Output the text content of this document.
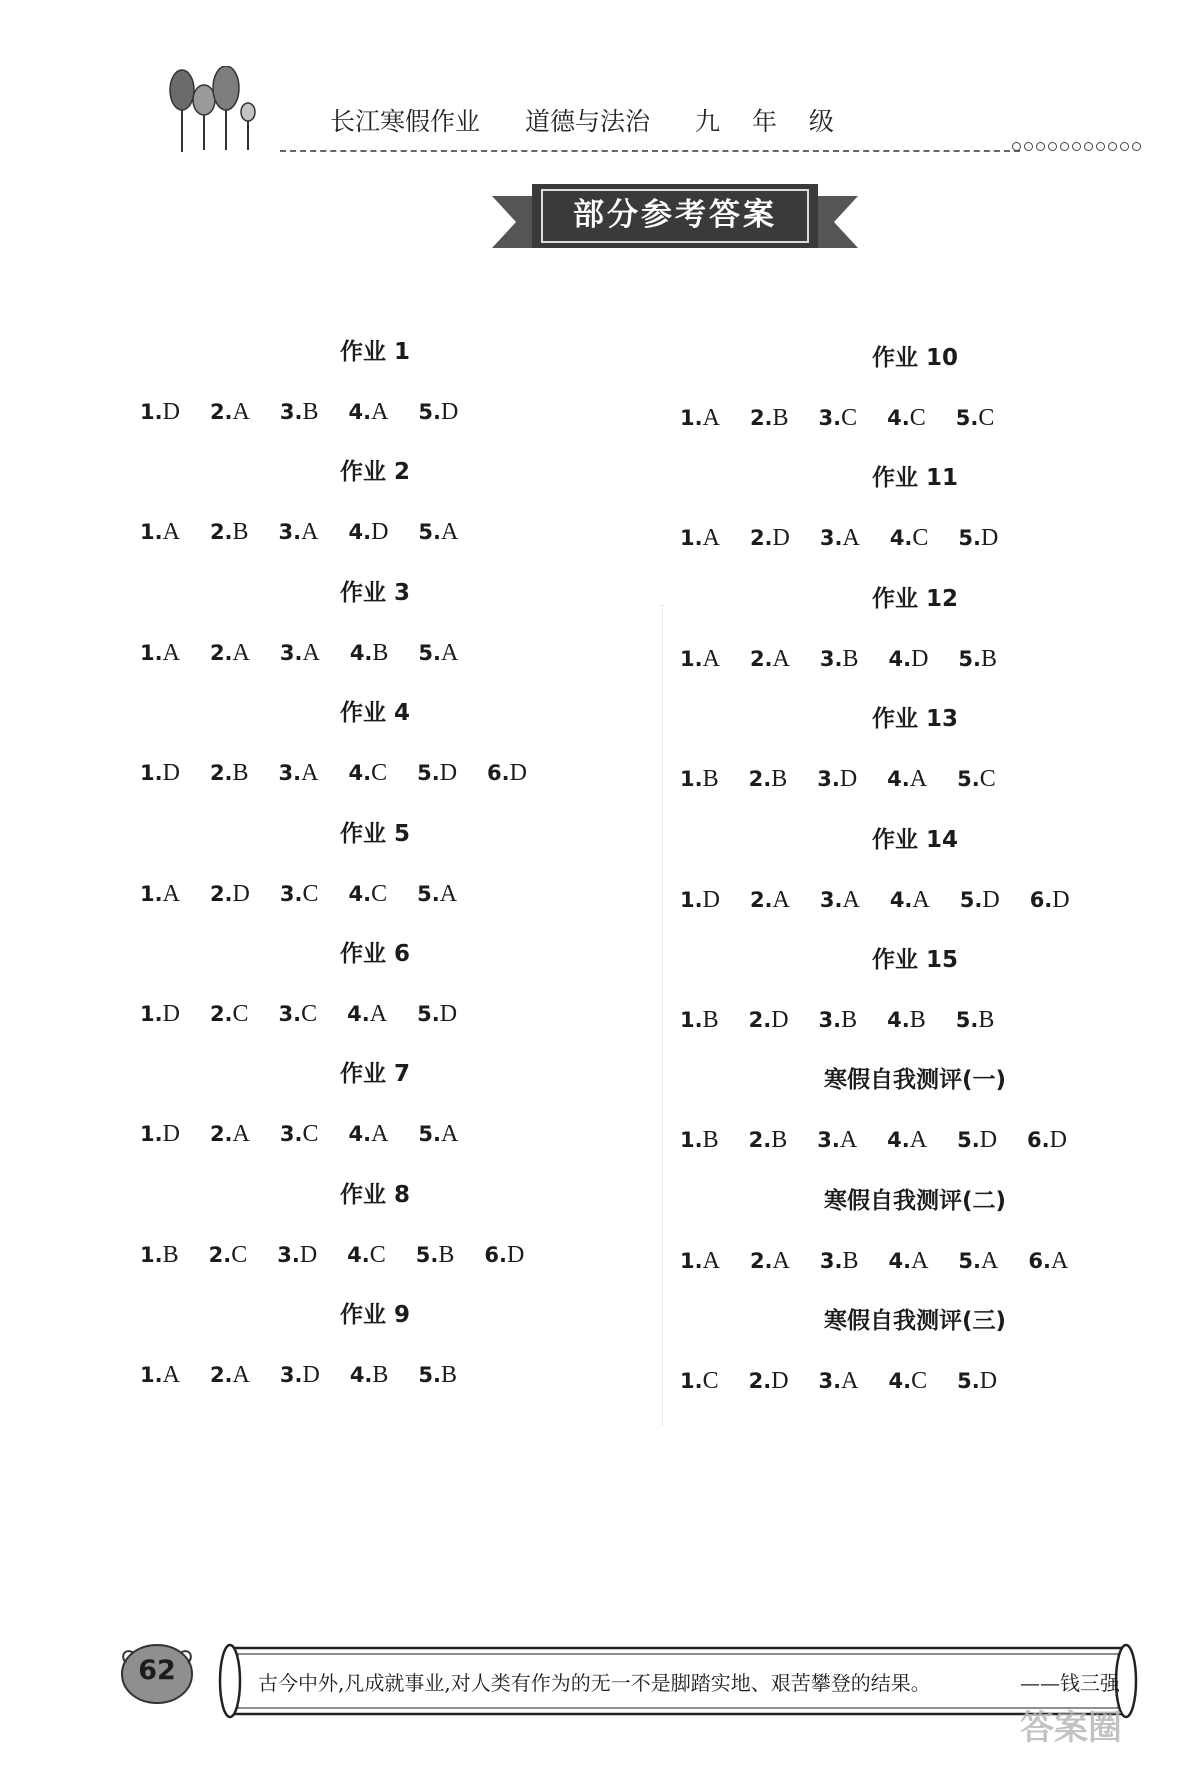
长江寒假作业 道德与法治 九 年 级
部分参考答案
作业 1
1.D 2.A 3.B 4.A 5.D
作业 2
1.A 2.B 3.A 4.D 5.A
作业 3
1.A 2.A 3.A 4.B 5.A
作业 4
1.D 2.B 3.A 4.C 5.D 6.D
作业 5
1.A 2.D 3.C 4.C 5.A
作业 6
1.D 2.C 3.C 4.A 5.D
作业 7
1.D 2.A 3.C 4.A 5.A
作业 8
1.B 2.C 3.D 4.C 5.B 6.D
作业 9
1.A 2.A 3.D 4.B 5.B
作业 10
1.A 2.B 3.C 4.C 5.C
作业 11
1.A 2.D 3.A 4.C 5.D
作业 12
1.A 2.A 3.B 4.D 5.B
作业 13
1.B 2.B 3.D 4.A 5.C
作业 14
1.D 2.A 3.A 4.A 5.D 6.D
作业 15
1.B 2.D 3.B 4.B 5.B
寒假自我测评(一)
1.B 2.B 3.A 4.A 5.D 6.D
寒假自我测评(二)
1.A 2.A 3.B 4.A 5.A 6.A
寒假自我测评(三)
1.C 2.D 3.A 4.C 5.D
62	古今中外,凡成就事业,对人类有作为的无一不是脚踏实地、艰苦攀登的结果。	——钱三强
答案圈
